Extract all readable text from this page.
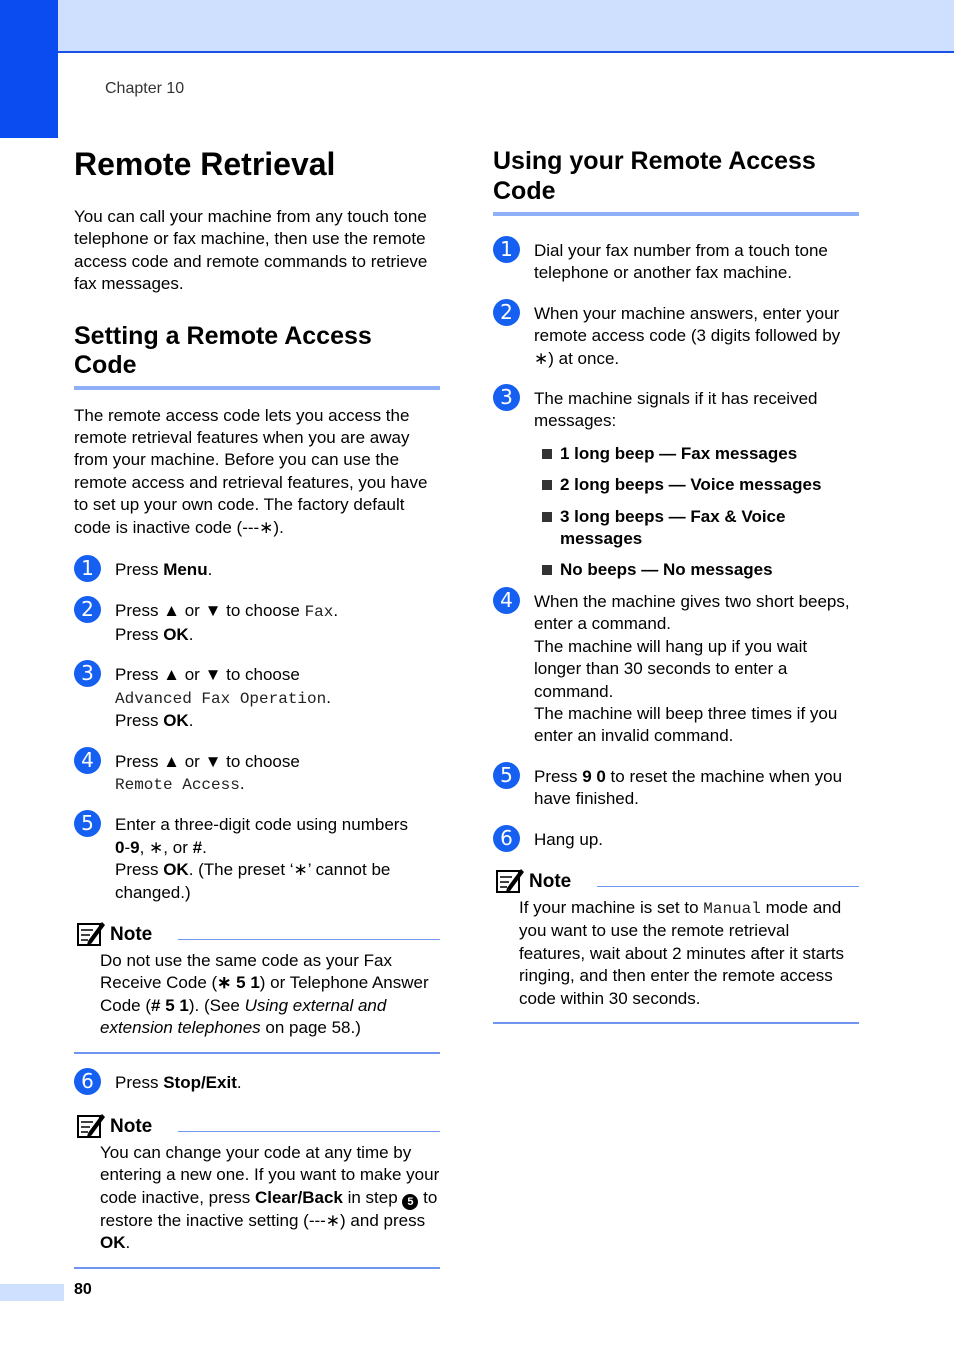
Chapter 10
Remote Retrieval

You can call your machine from any touch tone telephone or fax machine, then use the remote access code and remote commands to retrieve fax messages.

Setting a Remote Access Code

The remote access code lets you access the remote retrieval features when you are away from your machine. Before you can use the remote access and retrieval features, you have to set up your own code. The factory default code is inactive code (---∗).

1	Press Menu.
2	Press ▲ or ▼ to choose Fax.
Press OK.
3	Press ▲ or ▼ to choose
Advanced Fax Operation.
Press OK.
4	Press ▲ or ▼ to choose
Remote Access.
5	Enter a three-digit code using numbers
0-9, ∗, or #.
Press OK. (The preset ‘∗’ cannot be changed.)
Note
Do not use the same code as your Fax Receive Code (∗ 5 1) or Telephone Answer Code (# 5 1). (See Using external and extension telephones on page 58.)
6	Press Stop/Exit.
Note
You can change your code at any time by entering a new one. If you want to make your code inactive, press Clear/Back in step 5 to restore the inactive setting (---∗) and press OK.
Using your Remote Access Code
1	Dial your fax number from a touch tone telephone or another fax machine.
2	When your machine answers, enter your remote access code (3 digits followed by ∗) at once.
3	The machine signals if it has received messages:
1 long beep — Fax messages
2 long beeps — Voice messages
3 long beeps — Fax & Voice messages
No beeps — No messages
4	When the machine gives two short beeps, enter a command.
The machine will hang up if you wait longer than 30 seconds to enter a command.
The machine will beep three times if you enter an invalid command.
5	Press 9 0 to reset the machine when you have finished.
6	Hang up.
Note
If your machine is set to Manual mode and you want to use the remote retrieval features, wait about 2 minutes after it starts ringing, and then enter the remote access code within 30 seconds.
80
